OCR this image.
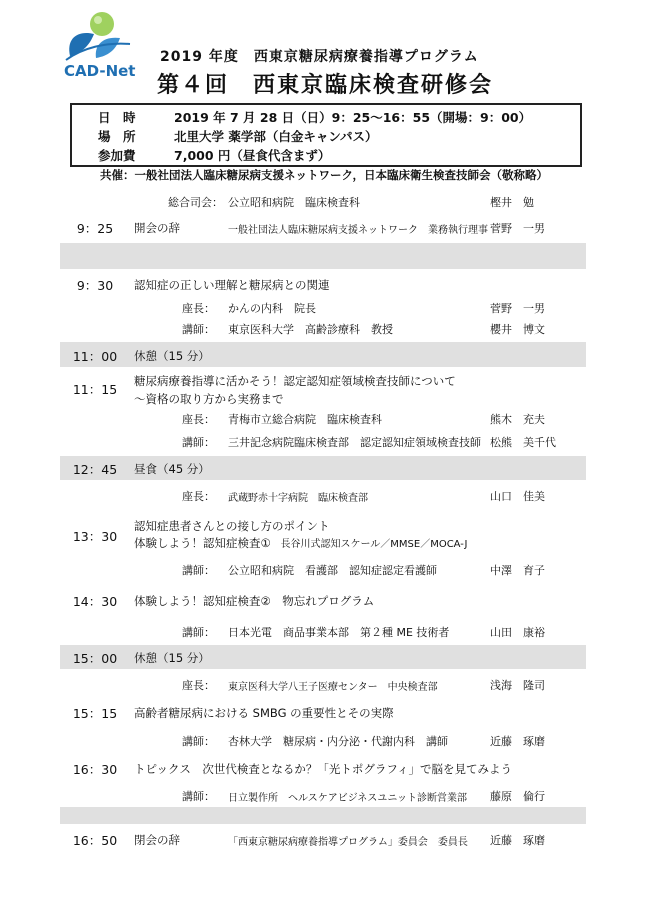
CAD-Net
2019 年度　西東京糖尿病療養指導プログラム
第４回　西東京臨床検査研修会
日　時	2019 年 7 月 28 日（日）9：25～16：55（開場：9：00）
場　所	北里大学 薬学部（白金キャンパス）
参加費	7,000 円（昼食代含まず）
共催：一般社団法人臨床糖尿病支援ネットワーク，日本臨床衛生検査技師会（敬称略）
総合司会： 公立昭和病院　臨床検査科	樫井　勉
9：25	開会の辞	一般社団法人臨床糖尿病支援ネットワーク　業務執行理事 菅野　一男
9：30	認知症の正しい理解と糖尿病との関連
座長： かんの内科　院長	菅野　一男
講師： 東京医科大学　高齢診療科　教授	櫻井　博文
11：00	休憩（15 分）
11：15
糖尿病療養指導に活かそう！認定認知症領域検査技師について
～資格の取り方から実務まで
座長： 青梅市立総合病院　臨床検査科	熊木　充夫
講師： 三井記念病院臨床検査部　認定認知症領域検査技師 松熊　美千代
12：45	昼食（45 分）
座長： 武蔵野赤十字病院　臨床検査部	山口　佳美
13：30
認知症患者さんとの接し方のポイント
体験しよう！認知症検査① 長谷川式認知スケール／MMSE／MOCA-J
講師： 公立昭和病院　看護部　認知症認定看護師	中澤　育子
14：30	体験しよう！認知症検査②　物忘れプログラム
講師： 日本光電　商品事業本部　第２種 ME 技術者	山田　康裕
15：00	休憩（15 分）
座長： 東京医科大学八王子医療センター　中央検査部	浅海　隆司
15：15	高齢者糖尿病における SMBG の重要性とその実際
講師： 杏林大学　糖尿病・内分泌・代謝内科　講師	近藤　琢磨
16：30	トピックス　次世代検査となるか？「光トポグラフィ」で脳を見てみよう
講師： 日立製作所　ヘルスケアビジネスユニット診断営業部 藤原　倫行
16：50	閉会の辞	「西東京糖尿病療養指導プログラム」委員会　委員長 近藤　琢磨
